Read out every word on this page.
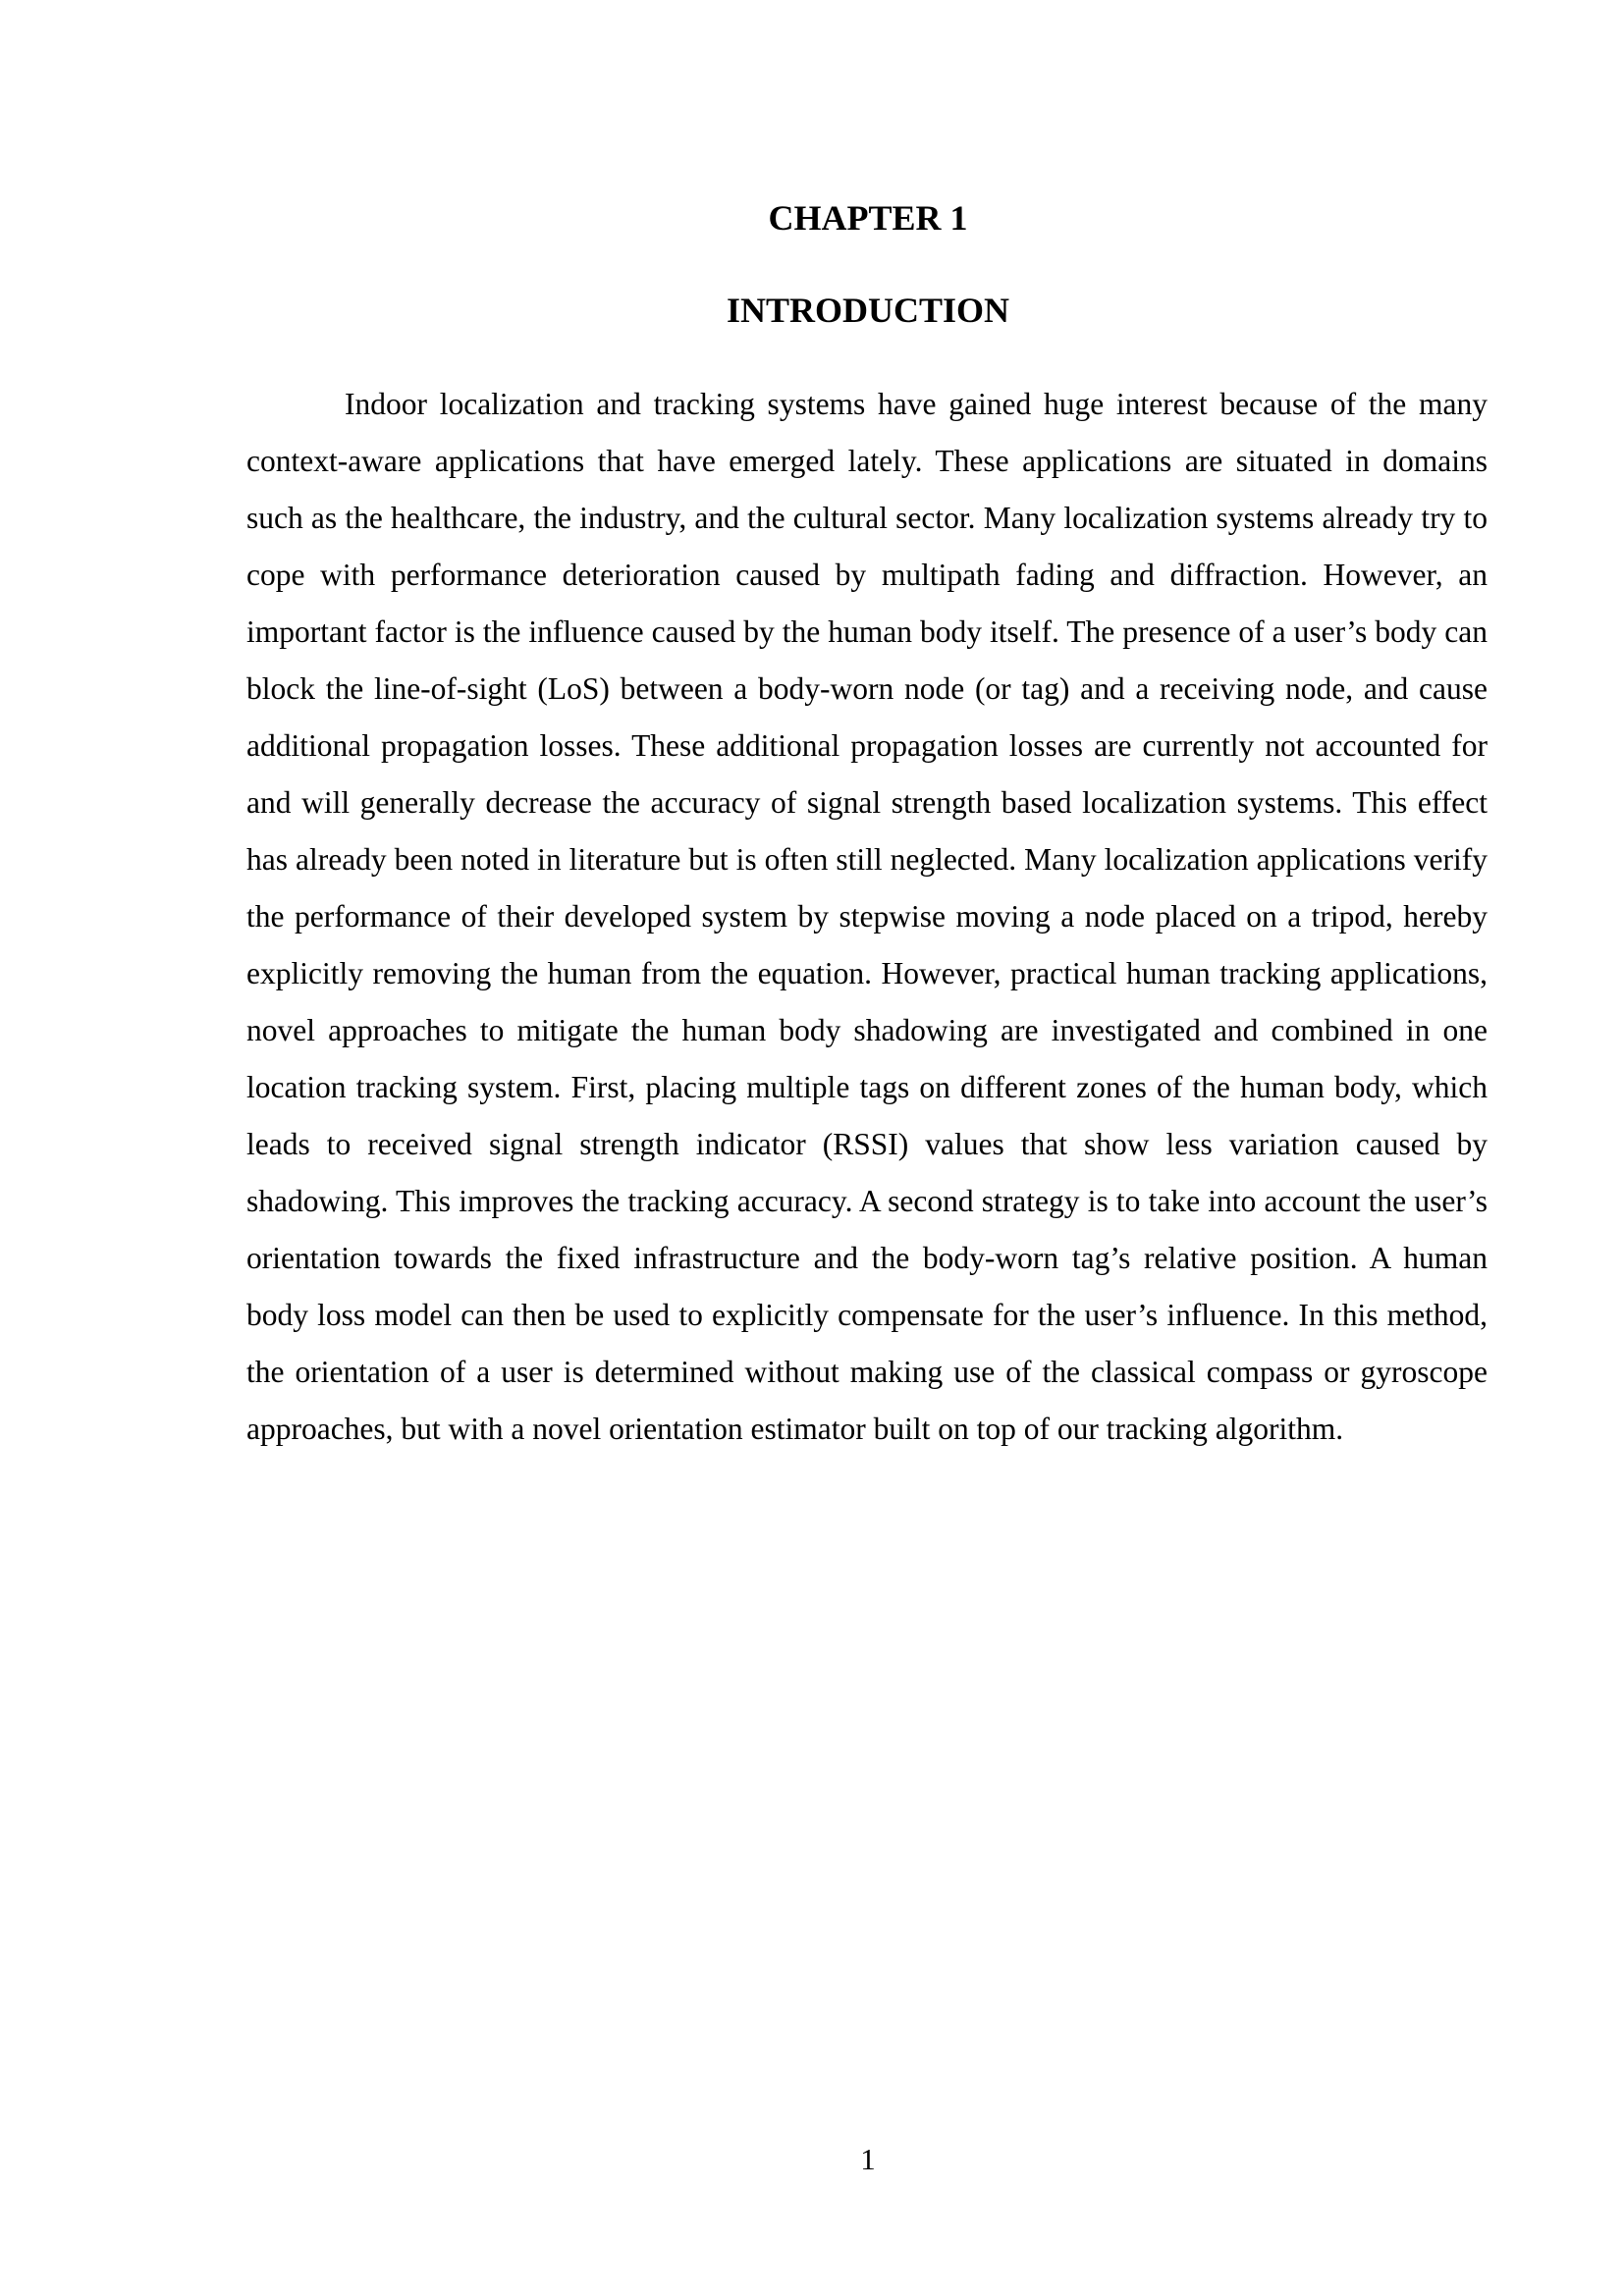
CHAPTER 1
INTRODUCTION

Indoor localization and tracking systems have gained huge interest because of the many context-aware applications that have emerged lately. These applications are situated in domains such as the healthcare, the industry, and the cultural sector. Many localization systems already try to cope with performance deterioration caused by multipath fading and diffraction. However, an important factor is the influence caused by the human body itself. The presence of a user’s body can block the line-of-sight (LoS) between a body-worn node (or tag) and a receiving node, and cause additional propagation losses. These additional propagation losses are currently not accounted for and will generally decrease the accuracy of signal strength based localization systems. This effect has already been noted in literature but is often still neglected. Many localization applications verify the performance of their developed system by stepwise moving a node placed on a tripod, hereby explicitly removing the human from the equation. However, practical human tracking applications, novel approaches to mitigate the human body shadowing are investigated and combined in one location tracking system. First, placing multiple tags on different zones of the human body, which leads to received signal strength indicator (RSSI) values that show less variation caused by shadowing. This improves the tracking accuracy. A second strategy is to take into account the user’s orientation towards the fixed infrastructure and the body-worn tag’s relative position. A human body loss model can then be used to explicitly compensate for the user’s influence. In this method, the orientation of a user is determined without making use of the classical compass or gyroscope approaches, but with a novel orientation estimator built on top of our tracking algorithm.

1
